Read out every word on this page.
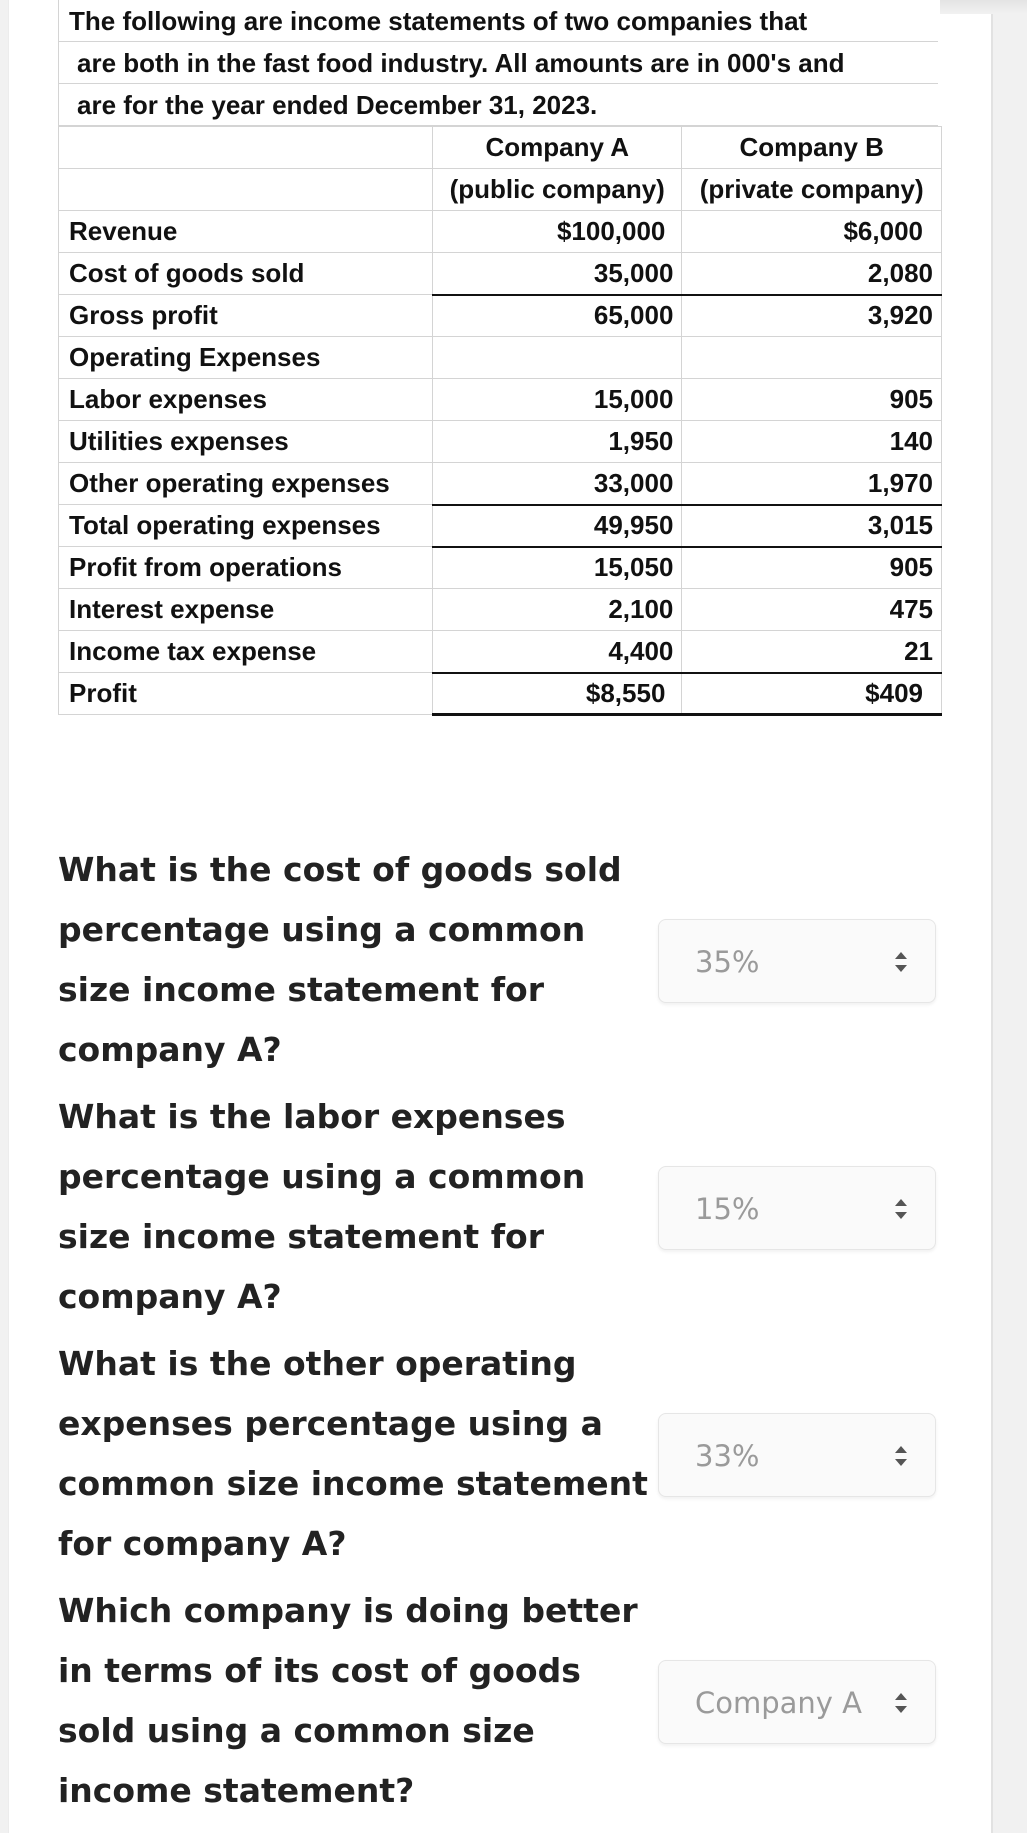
The following are income statements of two companies that
are both in the fast food industry. All amounts are in 000's and
are for the year ended December 31, 2023.
	Company A	Company B
	(public company)	(private company)
Revenue	$100,000	$6,000
Cost of goods sold	35,000	2,080
Gross profit	65,000	3,920
Operating Expenses		
Labor expenses	15,000	905
Utilities expenses	1,950	140
Other operating expenses	33,000	1,970
Total operating expenses	49,950	3,015
Profit from operations	15,050	905
Interest expense	2,100	475
Income tax expense	4,400	21
Profit	$8,550	$409
What is the cost of goods sold percentage using a common size income statement for company A?
35%
What is the labor expenses percentage using a common size income statement for company A?
15%
What is the other operating expenses percentage using a common size income statement for company A?
33%
Which company is doing better in terms of its cost of goods sold using a common size income statement?
Company A
